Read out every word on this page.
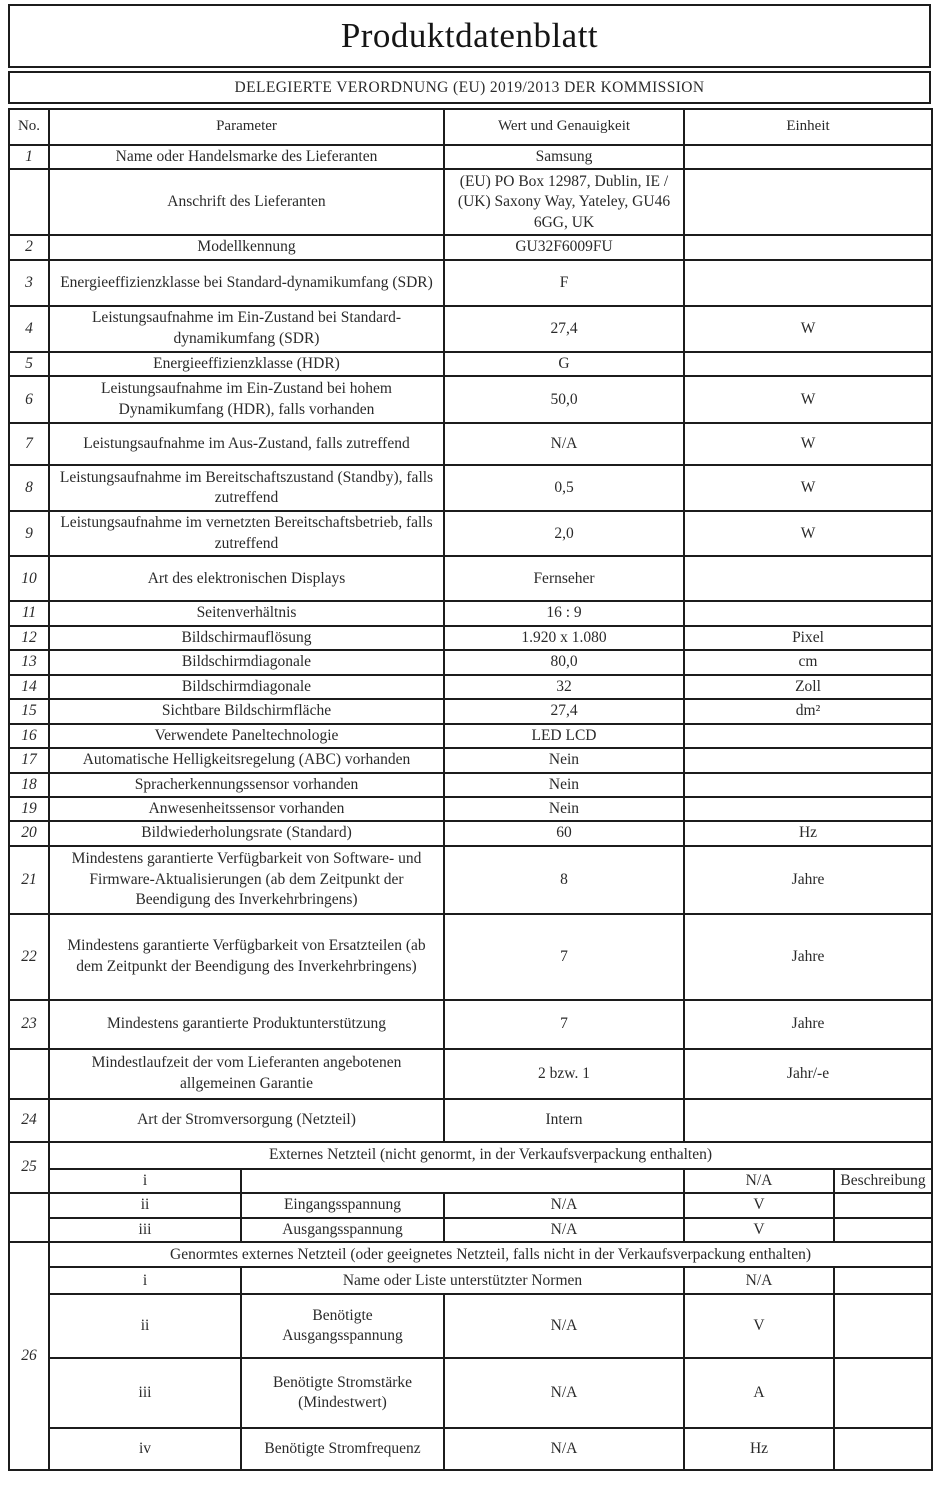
Produktdatenblatt
DELEGIERTE VERORDNUNG (EU) 2019/2013 DER KOMMISSION
No.	Parameter		Wert und Genauigkeit	Einheit	
1	Name oder Handelsmarke des Lieferanten		Samsung		
	Anschrift des Lieferanten		(EU) PO Box 12987, Dublin, IE / (UK) Saxony Way, Yateley, GU46 6GG, UK		
2	Modellkennung		GU32F6009FU		
3	Energieeffizienzklasse bei Standard-dynamikumfang (SDR)		F		
4	Leistungsaufnahme im Ein-Zustand bei Standard-dynamikumfang (SDR)		27,4	W	
5	Energieeffizienzklasse (HDR)		G		
6	Leistungsaufnahme im Ein-Zustand bei hohem Dynamikumfang (HDR), falls vorhanden		50,0	W	
7	Leistungsaufnahme im Aus-Zustand, falls zutreffend		N/A	W	
8	Leistungsaufnahme im Bereitschaftszustand (Standby), falls zutreffend		0,5	W	
9	Leistungsaufnahme im vernetzten Bereitschaftsbetrieb, falls zutreffend		2,0	W	
10	Art des elektronischen Displays		Fernseher		
11	Seitenverhältnis		16 : 9		
12	Bildschirmauflösung		1.920 x 1.080	Pixel	
13	Bildschirmdiagonale		80,0	cm	
14	Bildschirmdiagonale		32	Zoll	
15	Sichtbare Bildschirmfläche		27,4	dm²	
16	Verwendete Paneltechnologie		LED LCD		
17	Automatische Helligkeitsregelung (ABC) vorhanden		Nein		
18	Spracherkennungssensor vorhanden		Nein		
19	Anwesenheitssensor vorhanden		Nein		
20	Bildwiederholungsrate (Standard)		60	Hz	
21	Mindestens garantierte Verfügbarkeit von Software- und Firmware-Aktualisierungen (ab dem Zeitpunkt der Beendigung des Inverkehrbringens)		8	Jahre	
22	Mindestens garantierte Verfügbarkeit von Ersatzteilen (ab dem Zeitpunkt der Beendigung des Inverkehrbringens)		7	Jahre	
23	Mindestens garantierte Produktunterstützung		7	Jahre	
	Mindestlaufzeit der vom Lieferanten angebotenen allgemeinen Garantie		2 bzw. 1	Jahr/-e	
24	Art der Stromversorgung (Netzteil)		Intern		
25	Externes Netzteil (nicht genormt, in der Verkaufsverpackung enthalten)				
	i			N/A	Beschreibung
	ii	Eingangsspannung	N/A	V	
	iii	Ausgangsspannung	N/A	V	
26	Genormtes externes Netzteil (oder geeignetes Netzteil, falls nicht in der Verkaufsverpackung enthalten)				
	i	Name oder Liste unterstützter Normen		N/A	
	ii	Benötigte Ausgangsspannung	N/A	V	
	iii	Benötigte Stromstärke (Mindestwert)	N/A	A	
	iv	Benötigte Stromfrequenz	N/A	Hz	
